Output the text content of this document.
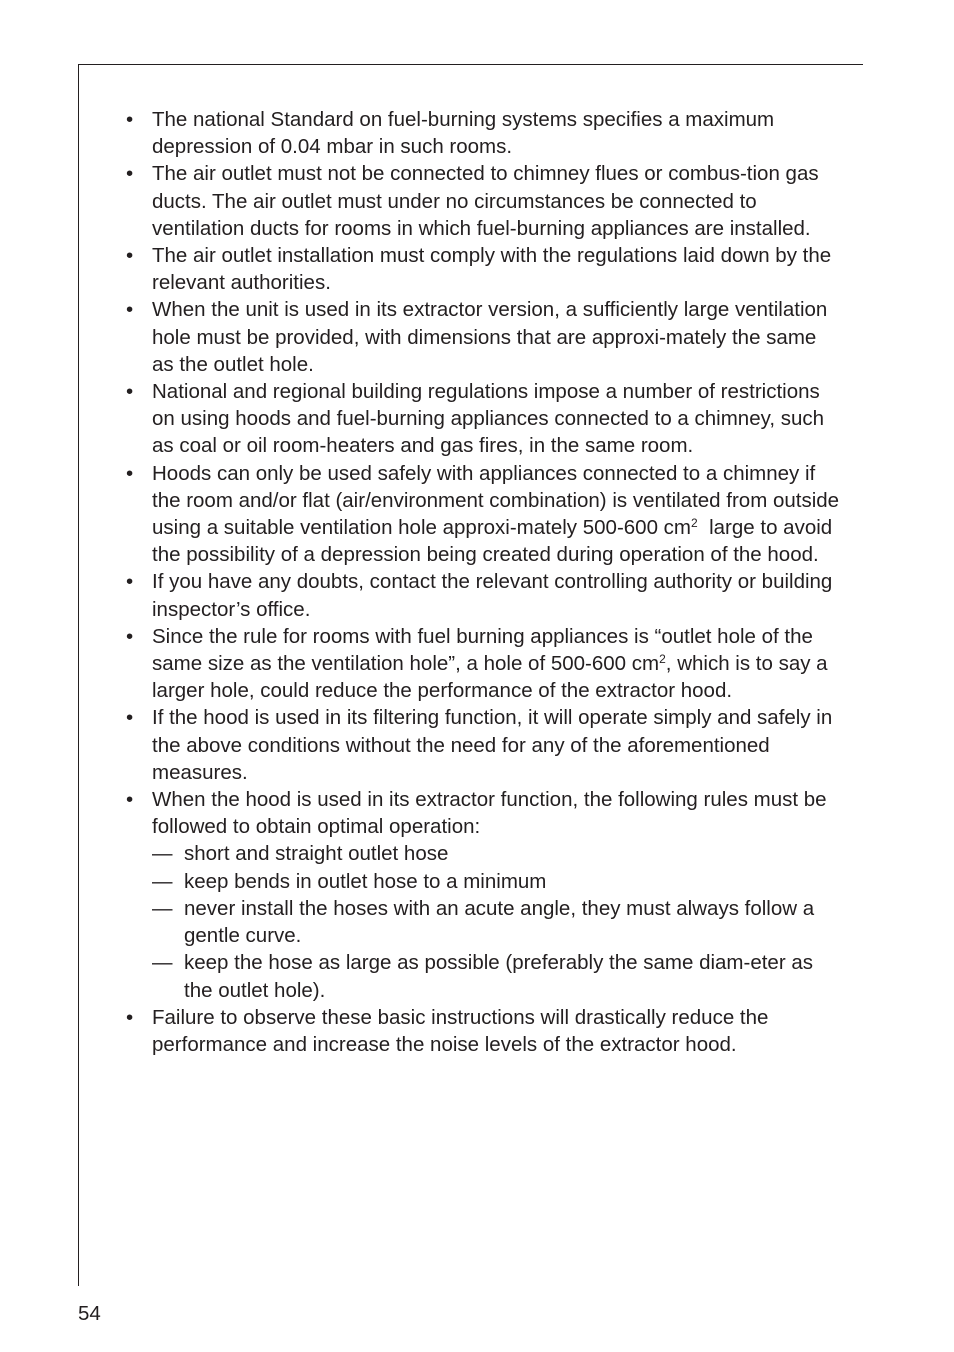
• The national Standard on fuel-burning systems specifies a maximum depression of 0.04 mbar in such rooms.
• The air outlet must not be connected to chimney flues or combus-tion gas ducts. The air outlet must under no circumstances be connected to ventilation ducts for rooms in which fuel-burning appliances are installed.
• The air outlet installation must comply with the regulations laid down by the relevant authorities.
• When the unit is used in its extractor version, a sufficiently large ventilation hole must be provided, with dimensions that are approxi-mately the same as the outlet hole.
• National and regional building regulations impose a number of restrictions on using hoods and fuel-burning appliances connected to a chimney, such as coal or oil room-heaters and gas fires, in the same room.
• Hoods can only be used safely with appliances connected to a chimney if the room and/or flat (air/environment combination) is ventilated from outside using a suitable ventilation hole approxi-mately 500-600 $cm^2$  large to avoid the possibility of a depression being created during operation of the hood.
• If you have any doubts, contact the relevant controlling authority or building inspector’s office.
• Since the rule for rooms with fuel burning appliances is “outlet hole of the same size as the ventilation hole”, a hole of 500-600 $cm^2$, which is to say a larger hole, could reduce the performance of the extractor hood.
• If the hood is used in its filtering function, it will operate simply and safely in the above conditions without the need for any of the aforementioned measures.
• When the hood is used in its extractor function, the following rules must be followed to obtain optimal operation:
— short and straight outlet hose
— keep bends in outlet hose to a minimum
— never install the hoses with an acute angle, they must always follow a gentle curve.
— keep the hose as large as possible (preferably the same diam-eter as the outlet hole).
• Failure to observe these basic instructions will drastically reduce the performance and increase the noise levels of the extractor hood.
54
